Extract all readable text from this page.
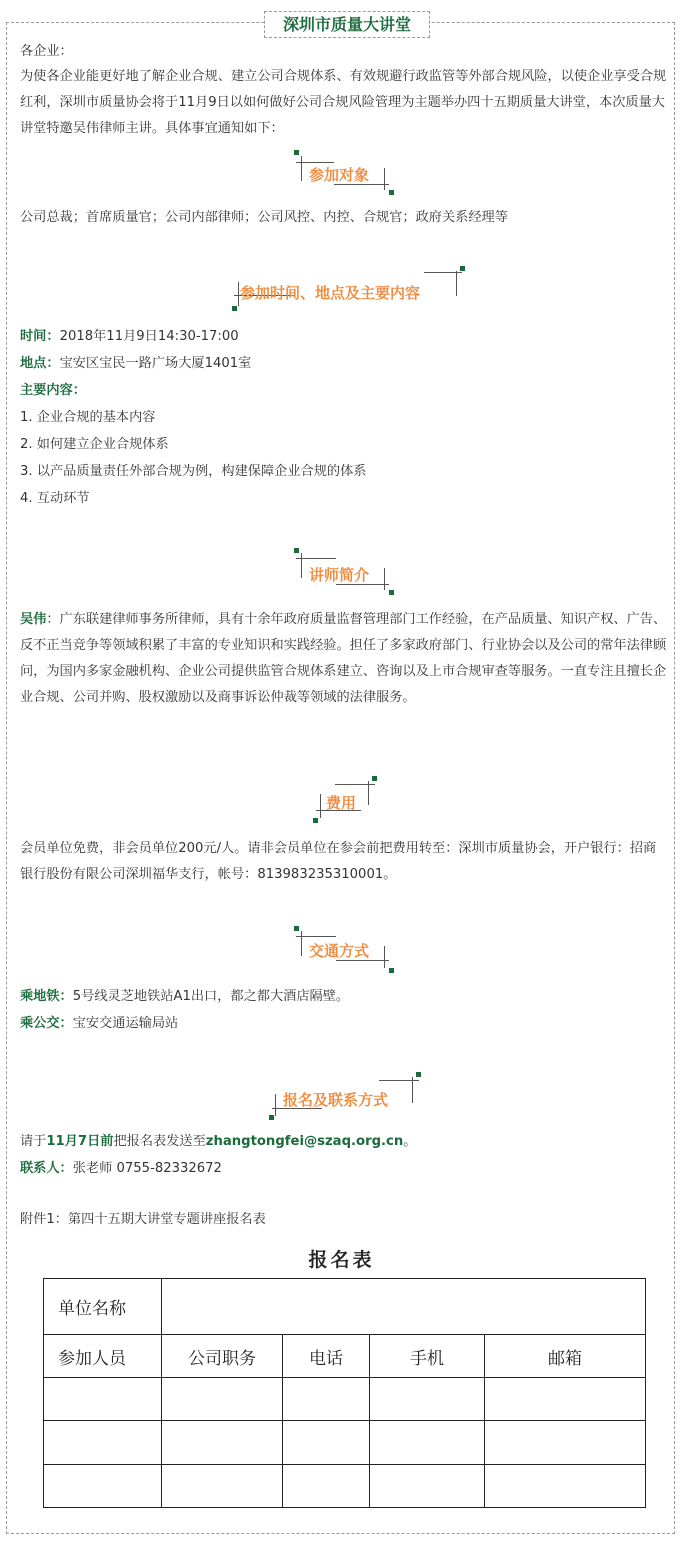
深圳市质量大讲堂
各企业：
为使各企业能更好地了解企业合规、建立公司合规体系、有效规避行政监管等外部合规风险，以使企业享受合规红利，深圳市质量协会将于11月9日以如何做好公司合规风险管理为主题举办四十五期质量大讲堂，本次质量大讲堂特邀吴伟律师主讲。具体事宜通知如下：
参加对象
公司总裁；首席质量官；公司内部律师；公司风控、内控、合规官；政府关系经理等
参加时间、地点及主要内容
时间：2018年11月9日14:30-17:00
地点：宝安区宝民一路广场大厦1401室
主要内容：
1. 企业合规的基本内容
2. 如何建立企业合规体系
3. 以产品质量责任外部合规为例，构建保障企业合规的体系
4. 互动环节
讲师简介
吴伟：广东联建律师事务所律师，具有十余年政府质量监督管理部门工作经验，在产品质量、知识产权、广告、反不正当竞争等领域积累了丰富的专业知识和实践经验。担任了多家政府部门、行业协会以及公司的常年法律顾问，为国内多家金融机构、企业公司提供监管合规体系建立、咨询以及上市合规审查等服务。一直专注且擅长企业合规、公司并购、股权激励以及商事诉讼仲裁等领域的法律服务。
费用
会员单位免费，非会员单位200元/人。请非会员单位在参会前把费用转至：深圳市质量协会，开户银行：招商银行股份有限公司深圳福华支行，帐号：813983235310001。
交通方式
乘地铁：5号线灵芝地铁站A1出口，都之都大酒店隔壁。
乘公交：宝安交通运输局站
报名及联系方式
请于11月7日前把报名表发送至zhangtongfei@szaq.org.cn。
联系人：张老师 0755-82332672
附件1：第四十五期大讲堂专题讲座报名表
报名表
单位名称				
参加人员	公司职务	电话	手机	邮箱
